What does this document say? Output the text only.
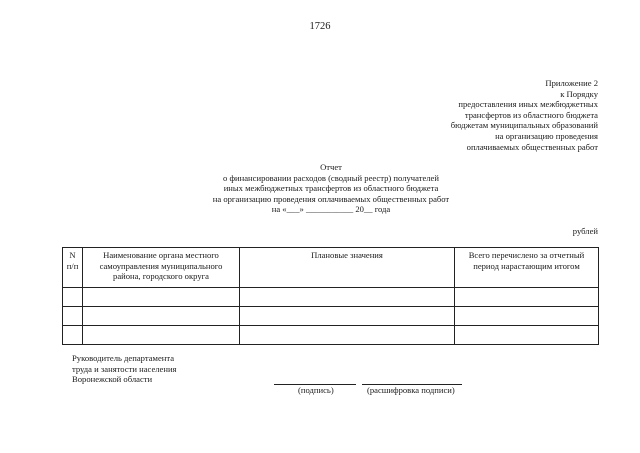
1726
Приложение 2
к Порядку
предоставления иных межбюджетных
трансфертов из областного бюджета
бюджетам муниципальных образований
на организацию проведения
оплачиваемых общественных работ
Отчет
о финансировании расходов (сводный реестр) получателей
иных межбюджетных трансфертов из областного бюджета
на организацию проведения оплачиваемых общественных работ
на «___» ___________ 20__ года
рублей
N п/п	Наименование органа местного самоуправления муниципального района, городского округа	Плановые значения	Всего перечислено за отчетный период нарастающим итогом

Руководитель департамента
труда и занятости населения
Воронежской области
(подпись)	(расшифровка подписи)
